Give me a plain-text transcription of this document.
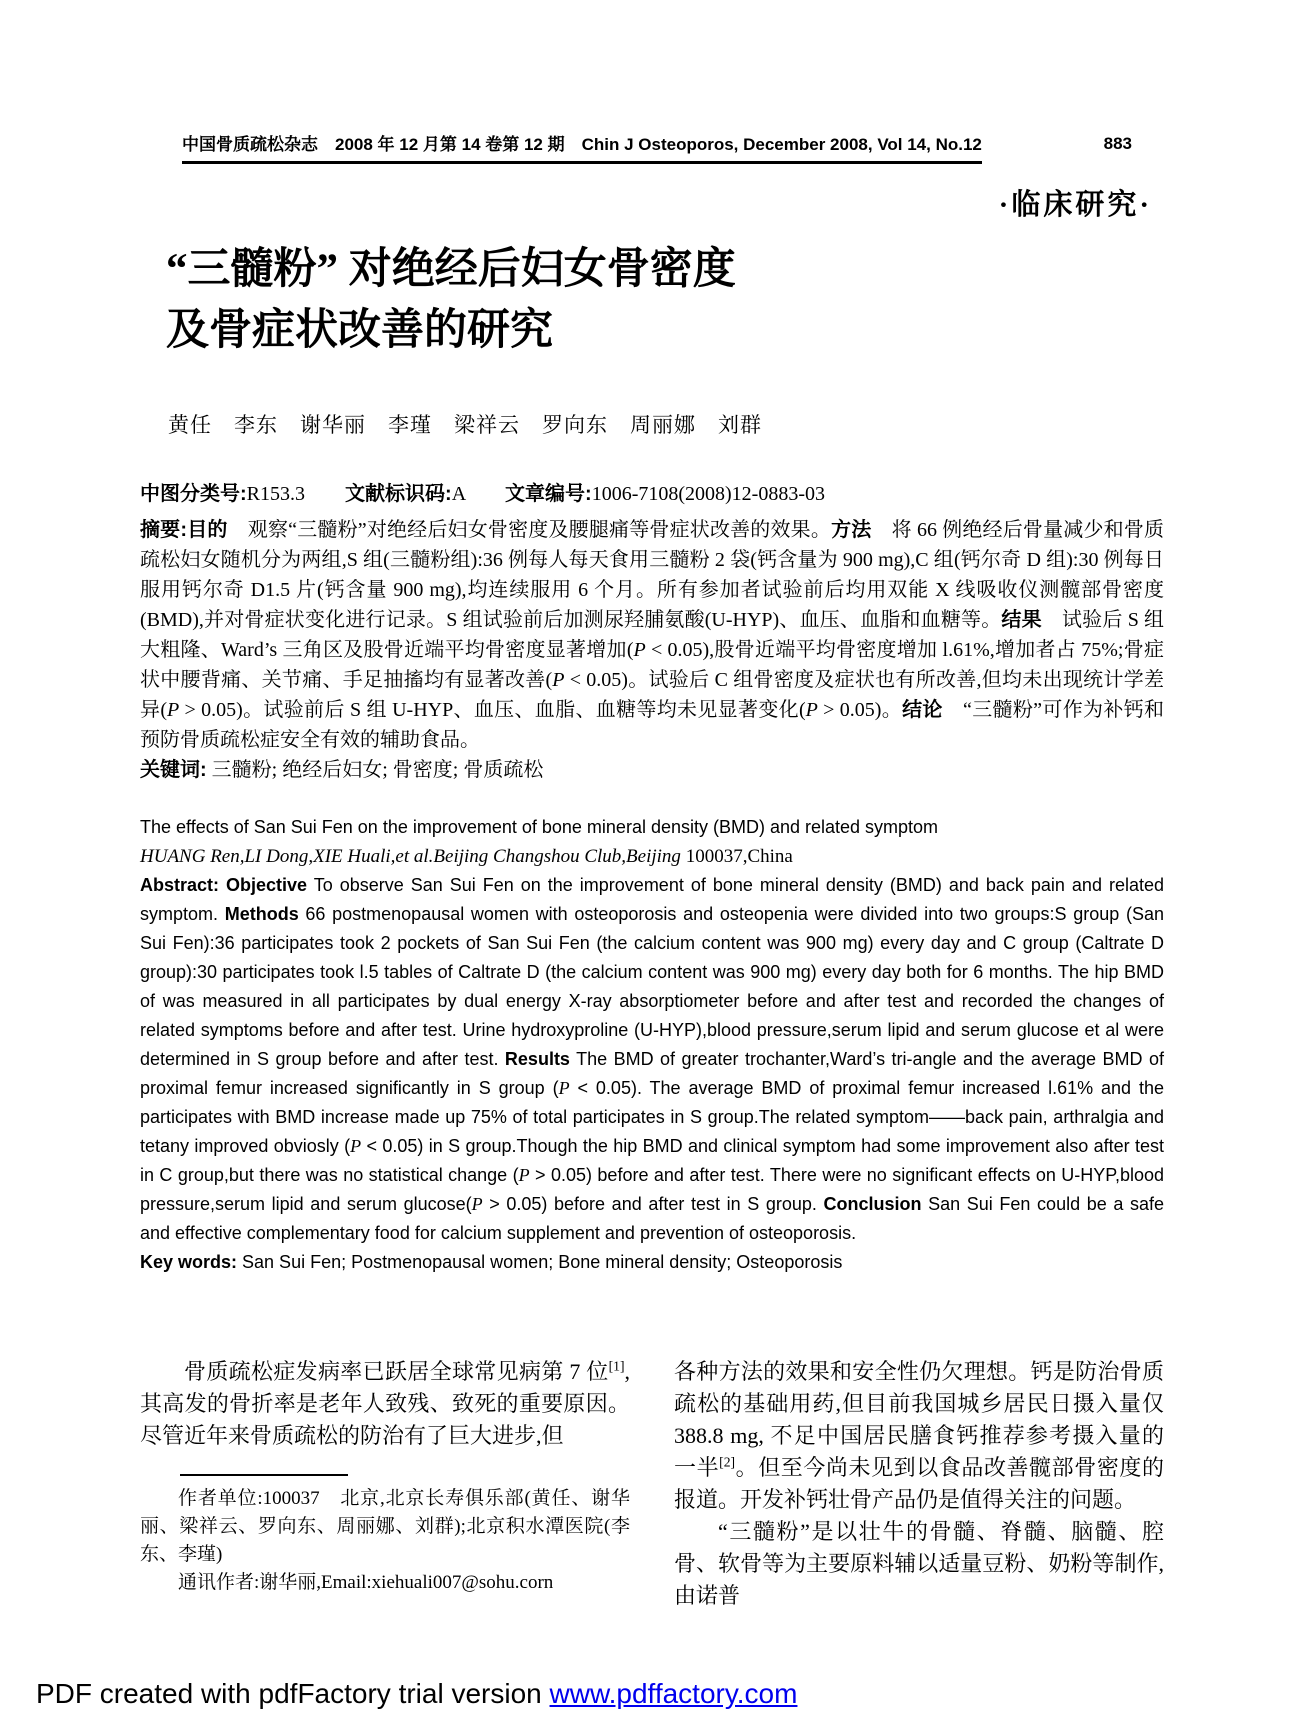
中国骨质疏松杂志　2008 年 12 月第 14 卷第 12 期　Chin J Osteoporos, December 2008, Vol 14, No.12	883
·临床研究·
“三髓粉” 对绝经后妇女骨密度
及骨症状改善的研究
黄任　李东　谢华丽　李瑾　梁祥云　罗向东　周丽娜　刘群

中图分类号:R153.3　　文献标识码:A　　文章编号:1006-7108(2008)12-0883-03

摘要:目的　观察“三髓粉”对绝经后妇女骨密度及腰腿痛等骨症状改善的效果。方法　将 66 例绝经后骨量减少和骨质疏松妇女随机分为两组,S 组(三髓粉组):36 例每人每天食用三髓粉 2 袋(钙含量为 900 mg),C 组(钙尔奇 D 组):30 例每日服用钙尔奇 D1.5 片(钙含量 900 mg),均连续服用 6 个月。所有参加者试验前后均用双能 X 线吸收仪测髋部骨密度(BMD),并对骨症状变化进行记录。S 组试验前后加测尿羟脯氨酸(U-HYP)、血压、血脂和血糖等。结果　试验后 S 组大粗隆、Ward’s 三角区及股骨近端平均骨密度显著增加(P < 0.05),股骨近端平均骨密度增加 l.61%,增加者占 75%;骨症状中腰背痛、关节痛、手足抽搐均有显著改善(P < 0.05)。试验后 C 组骨密度及症状也有所改善,但均未出现统计学差异(P > 0.05)。试验前后 S 组 U-HYP、血压、血脂、血糖等均未见显著变化(P > 0.05)。结论　“三髓粉”可作为补钙和预防骨质疏松症安全有效的辅助食品。

关键词: 三髓粉; 绝经后妇女; 骨密度; 骨质疏松

The effects of San Sui Fen on the improvement of bone mineral density (BMD) and related symptom

HUANG Ren,LI Dong,XIE Huali,et al.Beijing Changshou Club,Beijing 100037,China

Abstract: Objective To observe San Sui Fen on the improvement of bone mineral density (BMD) and back pain and related symptom. Methods 66 postmenopausal women with osteoporosis and osteopenia were divided into two groups:S group (San Sui Fen):36 participates took 2 pockets of San Sui Fen (the calcium content was 900 mg) every day and C group (Caltrate D group):30 participates took l.5 tables of Caltrate D (the calcium content was 900 mg) every day both for 6 months. The hip BMD of was measured in all participates by dual energy X-ray absorptiometer before and after test and recorded the changes of related symptoms before and after test. Urine hydroxyproline (U-HYP),blood pressure,serum lipid and serum glucose et al were determined in S group before and after test. Results The BMD of greater trochanter,Ward’s tri-angle and the average BMD of proximal femur increased significantly in S group (P < 0.05). The average BMD of proximal femur increased l.61% and the participates with BMD increase made up 75% of total participates in S group.The related symptom——back pain, arthralgia and tetany improved obviosly (P < 0.05) in S group.Though the hip BMD and clinical symptom had some improvement also after test in C group,but there was no statistical change (P > 0.05) before and after test. There were no significant effects on U-HYP,blood pressure,serum lipid and serum glucose(P > 0.05) before and after test in S group. Conclusion San Sui Fen could be a safe and effective complementary food for calcium supplement and prevention of osteoporosis.

Key words: San Sui Fen; Postmenopausal women; Bone mineral density; Osteoporosis

骨质疏松症发病率已跃居全球常见病第 7 位[1],其高发的骨折率是老年人致残、致死的重要原因。尽管近年来骨质疏松的防治有了巨大进步,但

作者单位:100037　北京,北京长寿俱乐部(黄任、谢华丽、梁祥云、罗向东、周丽娜、刘群);北京积水潭医院(李东、李瑾)

通讯作者:谢华丽,Email:xiehuali007@sohu.corn

各种方法的效果和安全性仍欠理想。钙是防治骨质疏松的基础用药,但目前我国城乡居民日摄入量仅 388.8 mg, 不足中国居民膳食钙推荐参考摄入量的一半[2]。但至今尚未见到以食品改善髋部骨密度的报道。开发补钙壮骨产品仍是值得关注的问题。

“三髓粉”是以壮牛的骨髓、脊髓、脑髓、腔骨、软骨等为主要原料辅以适量豆粉、奶粉等制作,由诺普

PDF created with pdfFactory trial version www.pdffactory.com
